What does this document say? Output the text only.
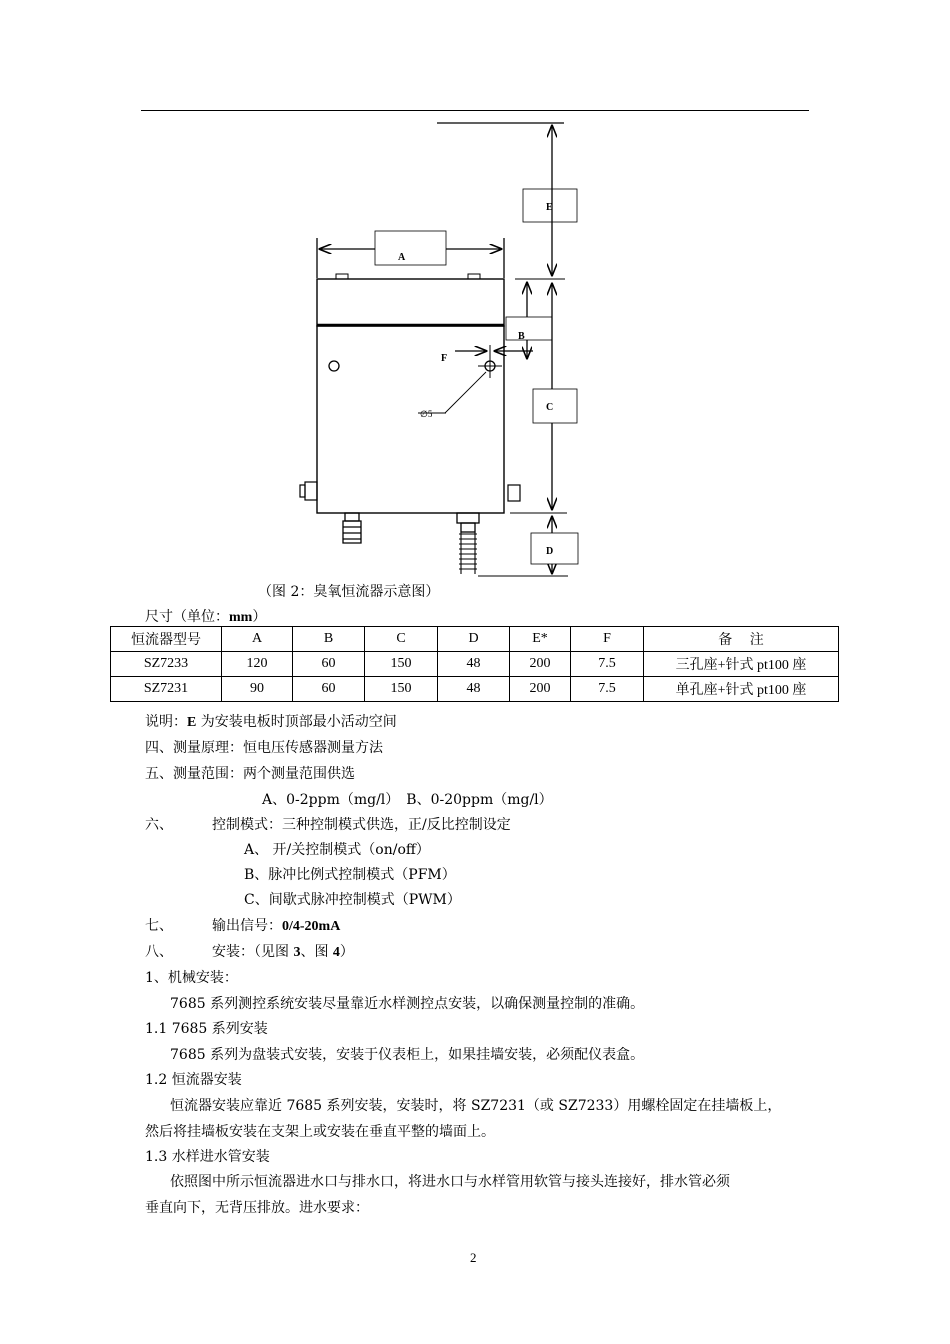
E
A
B
C
D
F
∅5
（图 2：臭氧恒流器示意图）
尺寸（单位：mm）
恒流器型号	A	B	C	D	E*	F	备　 注
SZ7233	120	60	150	48	200	7.5	三孔座+针式 pt100 座
SZ7231	90	60	150	48	200	7.5	单孔座+针式 pt100 座
说明：E 为安装电板时顶部最小活动空间
四、测量原理：恒电压传感器测量方法
五、测量范围：两个测量范围供选
A、0-2ppm（mg/l）　B、0-20ppm（mg/l）
六、	控制模式：三种控制模式供选，正/反比控制设定
A、 开/关控制模式（on/off）
B、脉冲比例式控制模式（PFM）
C、间歇式脉冲控制模式（PWM）
七、	输出信号：0/4-20mA
八、	安装：（见图 3、图 4）
1、机械安装：
7685 系列测控系统安装尽量靠近水样测控点安装，以确保测量控制的准确。
1.1 7685 系列安装
7685 系列为盘装式安装，安装于仪表柜上，如果挂墙安装，必须配仪表盒。
1.2 恒流器安装
恒流器安装应靠近 7685 系列安装，安装时，将 SZ7231（或 SZ7233）用螺栓固定在挂墙板上，
然后将挂墙板安装在支架上或安装在垂直平整的墙面上。
1.3 水样进水管安装
依照图中所示恒流器进水口与排水口，将进水口与水样管用软管与接头连接好，排水管必须
垂直向下，无背压排放。进水要求：
2
